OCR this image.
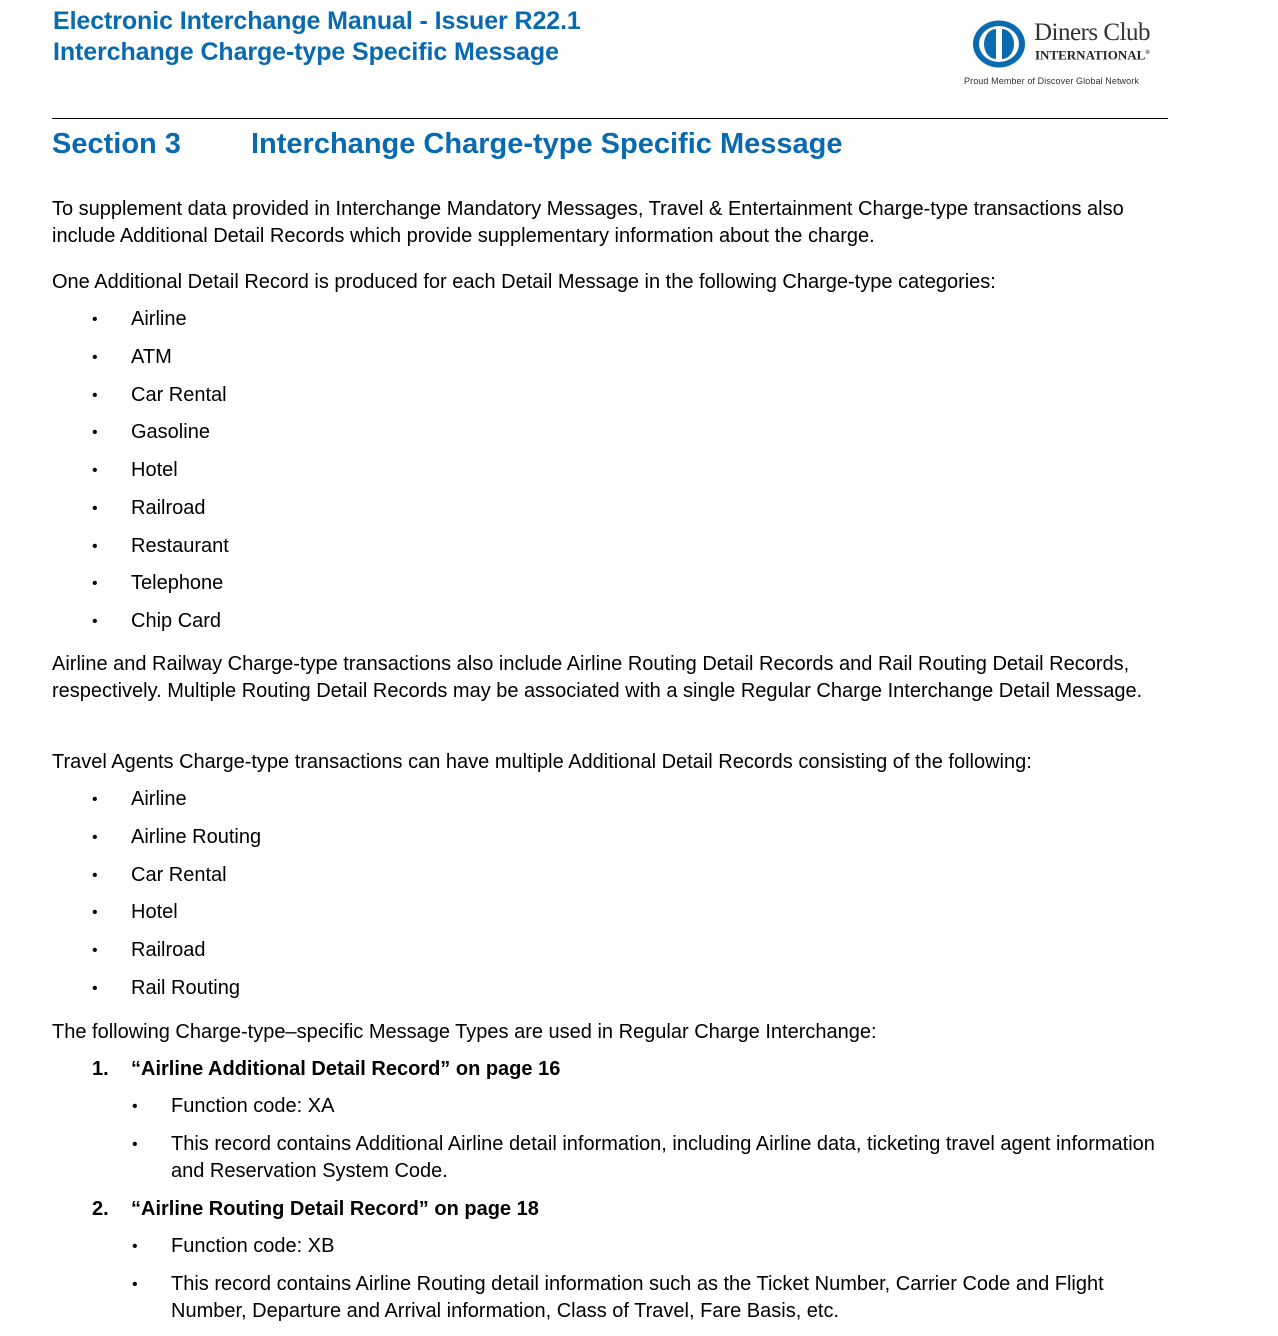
Electronic Interchange Manual - Issuer R22.1
Interchange Charge-type Specific Message
Diners Club
INTERNATIONAL®
Proud Member of Discover Global Network
Section 3 Interchange Charge-type Specific Message

To supplement data provided in Interchange Mandatory Messages, Travel & Entertainment Charge-type transactions also include Additional Detail Records which provide supplementary information about the charge.

One Additional Detail Record is produced for each Detail Message in the following Charge-type categories:

• Airline
• ATM
• Car Rental
• Gasoline
• Hotel
• Railroad
• Restaurant
• Telephone
• Chip Card

Airline and Railway Charge-type transactions also include Airline Routing Detail Records and Rail Routing Detail Records, respectively. Multiple Routing Detail Records may be associated with a single Regular Charge Interchange Detail Message.

Travel Agents Charge-type transactions can have multiple Additional Detail Records consisting of the following:

• Airline
• Airline Routing
• Car Rental
• Hotel
• Railroad
• Rail Routing

The following Charge-type–specific Message Types are used in Regular Charge Interchange:

1. “Airline Additional Detail Record” on page 16
• Function code: XA
• This record contains Additional Airline detail information, including Airline data, ticketing travel agent information and Reservation System Code.
2. “Airline Routing Detail Record” on page 18
• Function code: XB
• This record contains Airline Routing detail information such as the Ticket Number, Carrier Code and Flight Number, Departure and Arrival information, Class of Travel, Fare Basis, etc.
